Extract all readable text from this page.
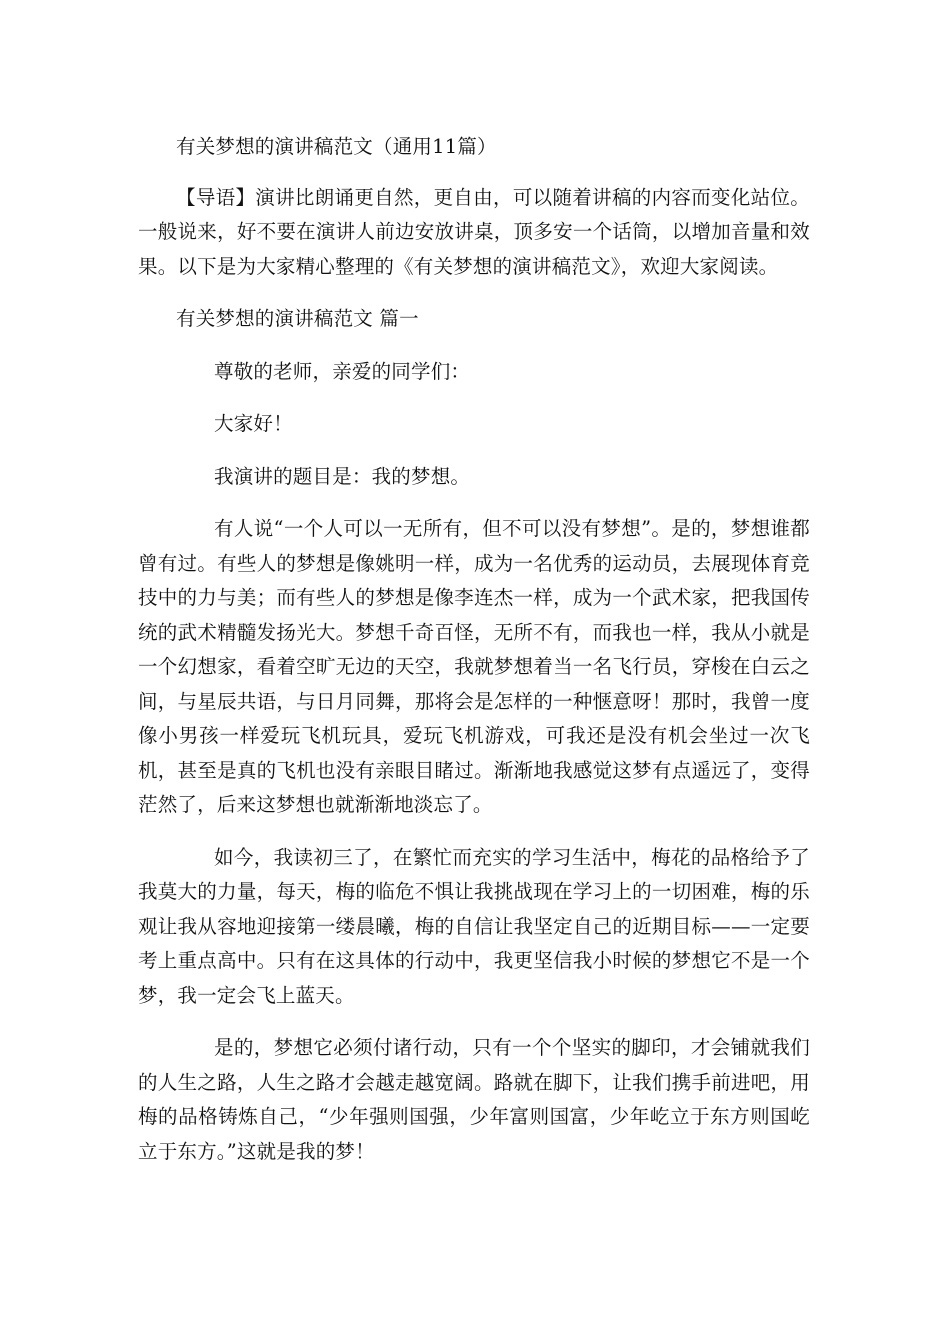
有关梦想的演讲稿范文（通用11篇）

【导语】演讲比朗诵更自然，更自由，可以随着讲稿的内容而变化站位。一般说来，好不要在演讲人前边安放讲桌，顶多安一个话筒，以增加音量和效果。以下是为大家精心整理的《有关梦想的演讲稿范文》，欢迎大家阅读。

有关梦想的演讲稿范文 篇一

尊敬的老师，亲爱的同学们：

大家好！

我演讲的题目是：我的梦想。

有人说“一个人可以一无所有，但不可以没有梦想”。是的，梦想谁都曾有过。有些人的梦想是像姚明一样，成为一名优秀的运动员，去展现体育竞技中的力与美；而有些人的梦想是像李连杰一样，成为一个武术家，把我国传统的武术精髓发扬光大。梦想千奇百怪，无所不有，而我也一样，我从小就是一个幻想家，看着空旷无边的天空，我就梦想着当一名飞行员，穿梭在白云之间，与星辰共语，与日月同舞，那将会是怎样的一种惬意呀！那时，我曾一度像小男孩一样爱玩飞机玩具，爱玩飞机游戏，可我还是没有机会坐过一次飞机，甚至是真的飞机也没有亲眼目睹过。渐渐地我感觉这梦有点遥远了，变得茫然了，后来这梦想也就渐渐地淡忘了。

如今，我读初三了，在繁忙而充实的学习生活中，梅花的品格给予了我莫大的力量，每天，梅的临危不惧让我挑战现在学习上的一切困难，梅的乐观让我从容地迎接第一缕晨曦，梅的自信让我坚定自己的近期目标——一定要考上重点高中。只有在这具体的行动中，我更坚信我小时候的梦想它不是一个梦，我一定会飞上蓝天。

是的，梦想它必须付诸行动，只有一个个坚实的脚印，才会铺就我们的人生之路，人生之路才会越走越宽阔。路就在脚下，让我们携手前进吧，用梅的品格铸炼自己，“少年强则国强，少年富则国富，少年屹立于东方则国屹立于东方。”这就是我的梦！
